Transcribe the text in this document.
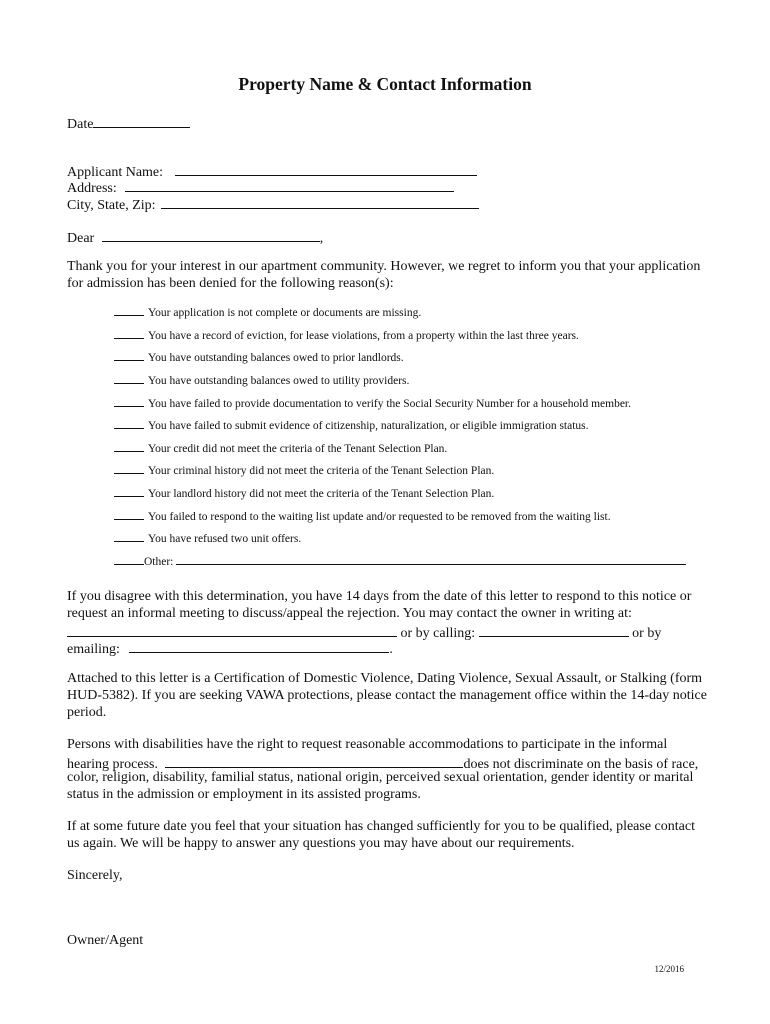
Property Name & Contact Information
Date
Applicant Name:
Address:
City, State, Zip:
Dear	,
Thank you for your interest in our apartment community. However, we regret to inform you that your application for admission has been denied for the following reason(s):
Your application is not complete or documents are missing.
You have a record of eviction, for lease violations, from a property within the last three years.
You have outstanding balances owed to prior landlords.
You have outstanding balances owed to utility providers.
You have failed to provide documentation to verify the Social Security Number for a household member.
You have failed to submit evidence of citizenship, naturalization, or eligible immigration status.
Your credit did not meet the criteria of the Tenant Selection Plan.
Your criminal history did not meet the criteria of the Tenant Selection Plan.
Your landlord history did not meet the criteria of the Tenant Selection Plan.
You failed to respond to the waiting list update and/or requested to be removed from the waiting list.
You have refused two unit offers.
Other:
If you disagree with this determination, you have 14 days from the date of this letter to respond to this notice or
request an informal meeting to discuss/appeal the rejection. You may contact the owner in writing at:
or by calling:	or by
emailing:	.
Attached to this letter is a Certification of Domestic Violence, Dating Violence, Sexual Assault, or Stalking (form HUD-5382). If you are seeking VAWA protections, please contact the management office within the 14-day notice period.
Persons with disabilities have the right to request reasonable accommodations to participate in the informal
hearing process.	does not discriminate on the basis of race,
color, religion, disability, familial status, national origin, perceived sexual orientation, gender identity or marital status in the admission or employment in its assisted programs.
If at some future date you feel that your situation has changed sufficiently for you to be qualified, please contact us again. We will be happy to answer any questions you may have about our requirements.
Sincerely,
Owner/Agent
12/2016
